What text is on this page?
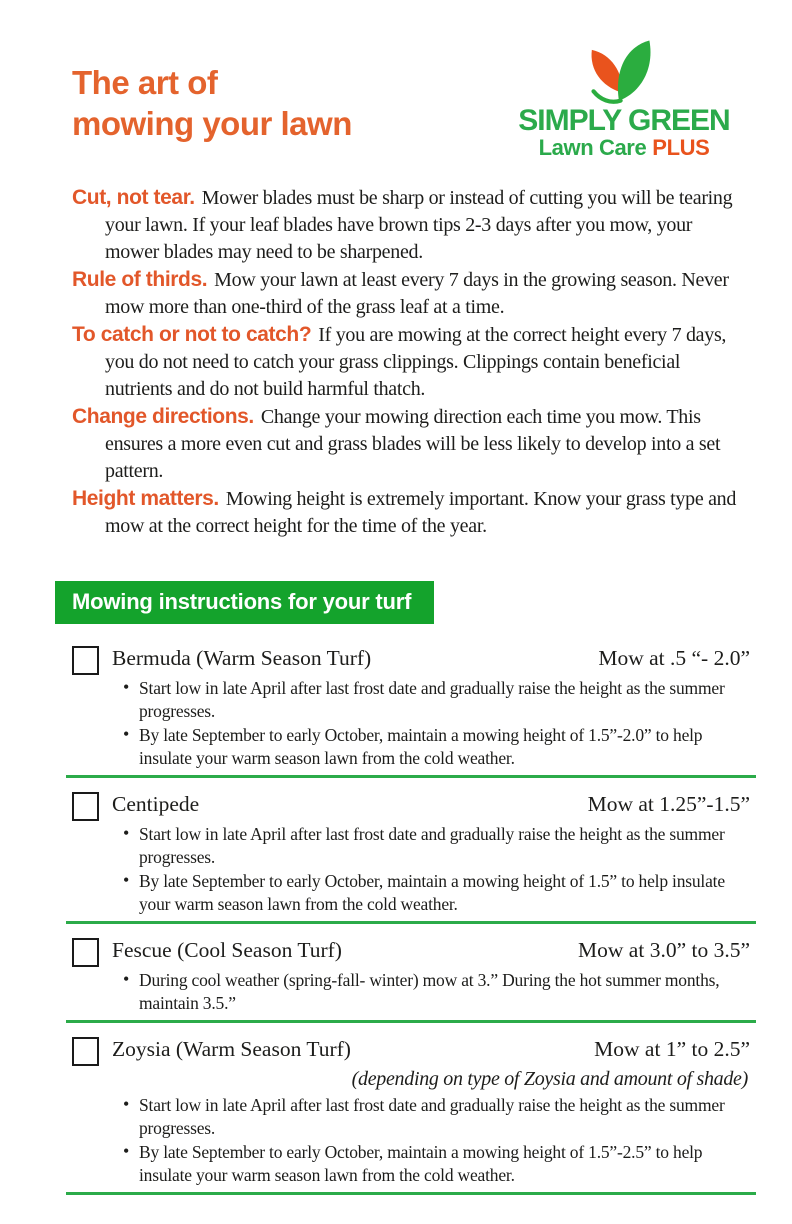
The art of
mowing your lawn	SIMPLY GREEN
Lawn Care PLUS

Cut, not tear. Mower blades must be sharp or instead of cutting you will be tearing your lawn. If your leaf blades have brown tips 2-3 days after you mow, your mower blades may need to be sharpened.

Rule of thirds. Mow your lawn at least every 7 days in the growing season. Never mow more than one-third of the grass leaf at a time.

To catch or not to catch? If you are mowing at the correct height every 7 days, you do not need to catch your grass clippings. Clippings contain beneficial nutrients and do not build harmful thatch.

Change directions. Change your mowing direction each time you mow. This ensures a more even cut and grass blades will be less likely to develop into a set pattern.

Height matters. Mowing height is extremely important. Know your grass type and mow at the correct height for the time of the year.

Mowing instructions for your turf
Bermuda (Warm Season Turf)	Mow at .5 “- 2.0”
• Start low in late April after last frost date and gradually raise the height as the summer progresses.
• By late September to early October, maintain a mowing height of 1.5”-2.0” to help insulate your warm season lawn from the cold weather.
Centipede	Mow at 1.25”-1.5”
• Start low in late April after last frost date and gradually raise the height as the summer progresses.
• By late September to early October, maintain a mowing height of 1.5” to help insulate your warm season lawn from the cold weather.
Fescue (Cool Season Turf)	Mow at 3.0” to 3.5”
• During cool weather (spring-fall- winter) mow at 3.” During the hot summer months, maintain 3.5.”
Zoysia (Warm Season Turf)	Mow at 1” to 2.5”

(depending on type of Zoysia and amount of shade)

• Start low in late April after last frost date and gradually raise the height as the summer progresses.
• By late September to early October, maintain a mowing height of 1.5”-2.5” to help insulate your warm season lawn from the cold weather.
